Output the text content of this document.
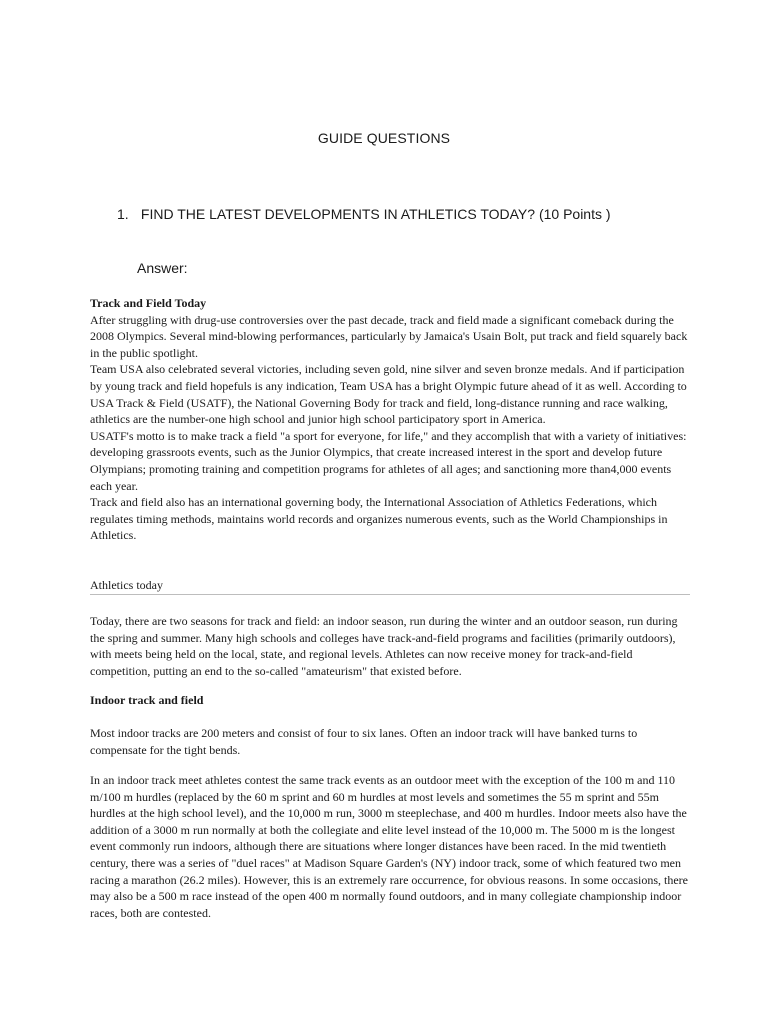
GUIDE QUESTIONS
1. FIND THE LATEST DEVELOPMENTS IN ATHLETICS TODAY? (10 Points )
Answer:

Track and Field Today

After struggling with drug-use controversies over the past decade, track and field made a significant comeback during the 2008 Olympics. Several mind-blowing performances, particularly by Jamaica's Usain Bolt, put track and field squarely back in the public spotlight.

Team USA also celebrated several victories, including seven gold, nine silver and seven bronze medals. And if participation by young track and field hopefuls is any indication, Team USA has a bright Olympic future ahead of it as well. According to USA Track & Field (USATF), the National Governing Body for track and field, long-distance running and race walking, athletics are the number-one high school and junior high school participatory sport in America.

USATF's motto is to make track a field "a sport for everyone, for life," and they accomplish that with a variety of initiatives: developing grassroots events, such as the Junior Olympics, that create increased interest in the sport and develop future Olympians; promoting training and competition programs for athletes of all ages; and sanctioning more than4,000 events each year.

Track and field also has an international governing body, the International Association of Athletics Federations, which regulates timing methods, maintains world records and organizes numerous events, such as the World Championships in Athletics.

Athletics today

Today, there are two seasons for track and field: an indoor season, run during the winter and an outdoor season, run during the spring and summer. Many high schools and colleges have track-and-field programs and facilities (primarily outdoors), with meets being held on the local, state, and regional levels. Athletes can now receive money for track-and-field competition, putting an end to the so-called "amateurism" that existed before.

Indoor track and field

Most indoor tracks are 200 meters and consist of four to six lanes. Often an indoor track will have banked turns to compensate for the tight bends.

In an indoor track meet athletes contest the same track events as an outdoor meet with the exception of the 100 m and 110 m/100 m hurdles (replaced by the 60 m sprint and 60 m hurdles at most levels and sometimes the 55 m sprint and 55m hurdles at the high school level), and the 10,000 m run, 3000 m steeplechase, and 400 m hurdles. Indoor meets also have the addition of a 3000 m run normally at both the collegiate and elite level instead of the 10,000 m. The 5000 m is the longest event commonly run indoors, although there are situations where longer distances have been raced. In the mid twentieth century, there was a series of "duel races" at Madison Square Garden's (NY) indoor track, some of which featured two men racing a marathon (26.2 miles). However, this is an extremely rare occurrence, for obvious reasons. In some occasions, there may also be a 500 m race instead of the open 400 m normally found outdoors, and in many collegiate championship indoor races, both are contested.
